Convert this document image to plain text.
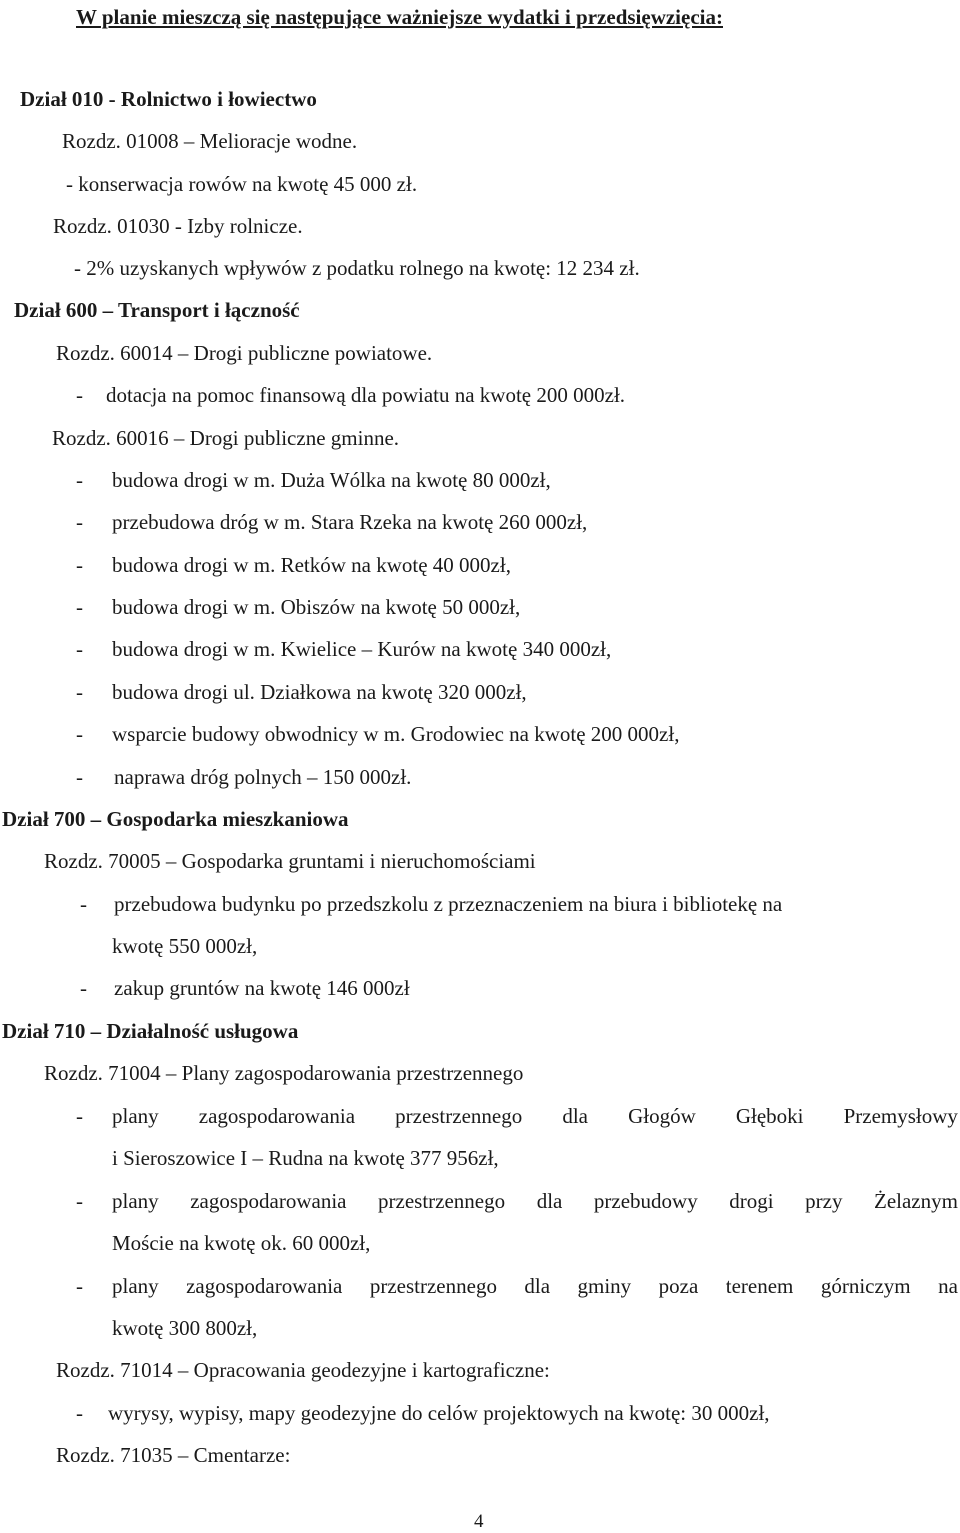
W planie mieszczą się następujące ważniejsze wydatki i przedsięwzięcia:
Dział 010 - Rolnictwo i łowiectwo
Rozdz. 01008 – Melioracje wodne.
- konserwacja rowów na kwotę 45 000 zł.
Rozdz. 01030 - Izby rolnicze.
- 2% uzyskanych wpływów z podatku rolnego na kwotę: 12 234 zł.
Dział 600 – Transport i łączność
Rozdz. 60014 – Drogi publiczne powiatowe.
- dotacja na pomoc finansową dla powiatu na kwotę 200 000zł.
Rozdz. 60016 – Drogi publiczne gminne.
- budowa drogi w m. Duża Wólka na kwotę 80 000zł,
- przebudowa dróg w m. Stara Rzeka na kwotę 260 000zł,
- budowa drogi w m. Retków na kwotę 40 000zł,
- budowa drogi w m. Obiszów na kwotę 50 000zł,
- budowa drogi w m. Kwielice – Kurów na kwotę 340 000zł,
- budowa drogi ul. Działkowa na kwotę 320 000zł,
- wsparcie budowy obwodnicy w m. Grodowiec na kwotę 200 000zł,
- naprawa dróg polnych – 150 000zł.
Dział 700 – Gospodarka mieszkaniowa
Rozdz. 70005 – Gospodarka gruntami i nieruchomościami
- przebudowa budynku po przedszkolu z przeznaczeniem na biura i bibliotekę na
kwotę 550 000zł,
- zakup gruntów na kwotę 146 000zł
Dział 710 – Działalność usługowa
Rozdz. 71004 – Plany zagospodarowania przestrzennego
- plany zagospodarowania przestrzennego dla Głogów Głęboki Przemysłowy
i Sieroszowice I – Rudna na kwotę 377 956zł,
- plany zagospodarowania przestrzennego dla przebudowy drogi przy Żelaznym
Moście na kwotę ok. 60 000zł,
- plany zagospodarowania przestrzennego dla gminy poza terenem górniczym na
kwotę 300 800zł,
Rozdz. 71014 – Opracowania geodezyjne i kartograficzne:
- wyrysy, wypisy, mapy geodezyjne do celów projektowych na kwotę: 30 000zł,
Rozdz. 71035 – Cmentarze:
4
